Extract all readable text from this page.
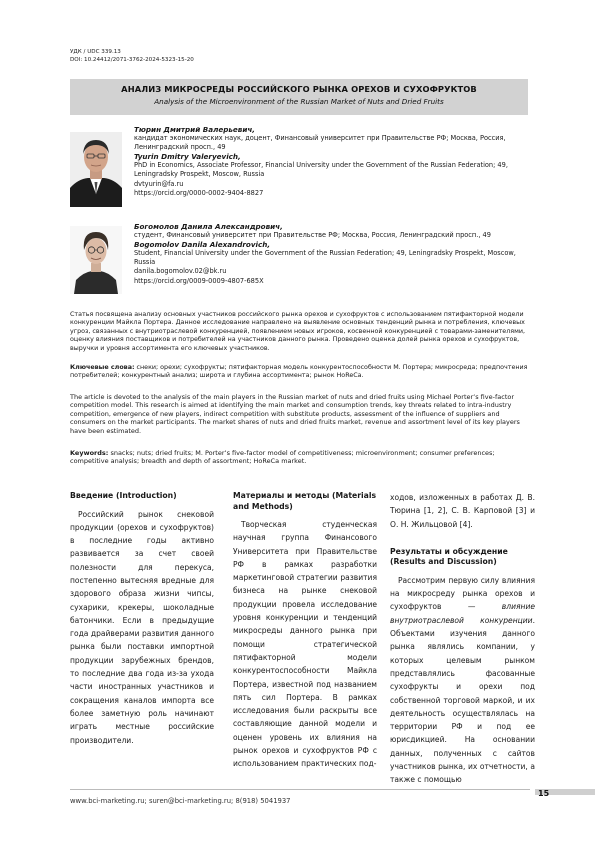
УДК / UDC 339.13
DOI: 10.24412/2071-3762-2024-5323-15-20
АНАЛИЗ МИКРОСРЕДЫ РОССИЙСКОГО РЫНКА ОРЕХОВ И СУХОФРУКТОВ
Analysis of the Microenvironment of the Russian Market of Nuts and Dried Fruits
Тюрин Дмитрий Валерьевич,
кандидат экономических наук, доцент, Финансовый университет при Правительстве РФ; Москва, Россия, Ленинградский просп., 49
Tyurin Dmitry Valeryevich,
PhD in Economics, Associate Professor, Financial University under the Government of the Russian Federation; 49, Leningradsky Prospekt, Moscow, Russia
dvtyurin@fa.ru
https://orcid.org/0000-0002-9404-8827
Богомолов Данила Александрович,
студент, Финансовый университет при Правительстве РФ; Москва, Россия, Ленинградский просп., 49
Bogomolov Danila Alexandrovich,
Student, Financial University under the Government of the Russian Federation; 49, Leningradsky Prospekt, Moscow, Russia
danila.bogomolov.02@bk.ru
https://orcid.org/0009-0009-4807-685X
Статья посвящена анализу основных участников российского рынка орехов и сухофруктов с использованием пятифакторной модели конкуренции Майкла Портера. Данное исследование направлено на выявление основных тенденций рынка и потребления, ключевых угроз, связанных с внутриотраслевой конкуренцией, появлением новых игроков, косвенной конкуренцией с товарами-заменителями, оценку влияния поставщиков и потребителей на участников данного рынка. Проведено оценка долей рынка орехов и сухофруктов, выручки и уровня ассортимента его ключевых участников.
Ключевые слова: снеки; орехи; сухофрукты; пятифакторная модель конкурентоспособности М. Портера; микросреда; предпочтения потребителей; конкурентный анализ; широта и глубина ассортимента; рынок HoReCa.
The article is devoted to the analysis of the main players in the Russian market of nuts and dried fruits using Michael Porter’s five-factor competition model. This research is aimed at identifying the main market and consumption trends, key threats related to intra-industry competition, emergence of new players, indirect competition with substitute products, assessment of the influence of suppliers and consumers on the market participants. The market shares of nuts and dried fruits market, revenue and assortment level of its key players have been estimated.
Keywords: snacks; nuts; dried fruits; M. Porter’s five-factor model of competitiveness; microenvironment; consumer preferences; competitive analysis; breadth and depth of assortment; HoReCa market.
Введение (Introduction)

Российский рынок снековой продукции (орехов и сухофруктов) в последние годы активно развивается за счет своей полезности для перекуса, постепенно вытесняя вредные для здорового образа жизни чипсы, сухарики, крекеры, шоколадные батончики. Если в предыдущие года драйверами развития данного рынка были поставки импортной продукции зарубежных брендов, то последние два года из-за ухода части иностранных участников и сокращения каналов импорта все более заметную роль начинают играть местные российские производители.

Материалы и методы (Materials and Methods)

Творческая студенческая научная группа Финансового Университета при Правительстве РФ в рамках разработки маркетинговой стратегии развития бизнеса на рынке снековой продукции провела исследование уровня конкуренции и тенденций микросреды данного рынка при помощи стратегической пятифакторной модели конкурентоспособности Майкла Портера, известной под названием пять сил Портера. В рамках исследования были раскрыты все составляющие данной модели и оценен уровень их влияния на рынок орехов и сухофруктов РФ с использованием практических под-

ходов, изложенных в работах Д. В. Тюрина [1, 2], С. В. Карповой [3] и О. Н. Жильцовой [4].

Результаты и обсуждение (Results and Discussion)

Рассмотрим первую силу влияния на микросреду рынка орехов и сухофруктов — влияние внутриотраслевой конкуренции. Объектами изучения данного рынка являлись компании, у которых целевым рынком представлялись фасованные сухофрукты и орехи под собственной торговой маркой, и их деятельность осуществлялась на территории РФ и под ее юрисдикцией. На основании данных, полученных с сайтов участников рынка, их отчетности, а также с помощью

www.bci-marketing.ru; suren@bci-marketing.ru; 8(918) 5041937
15
